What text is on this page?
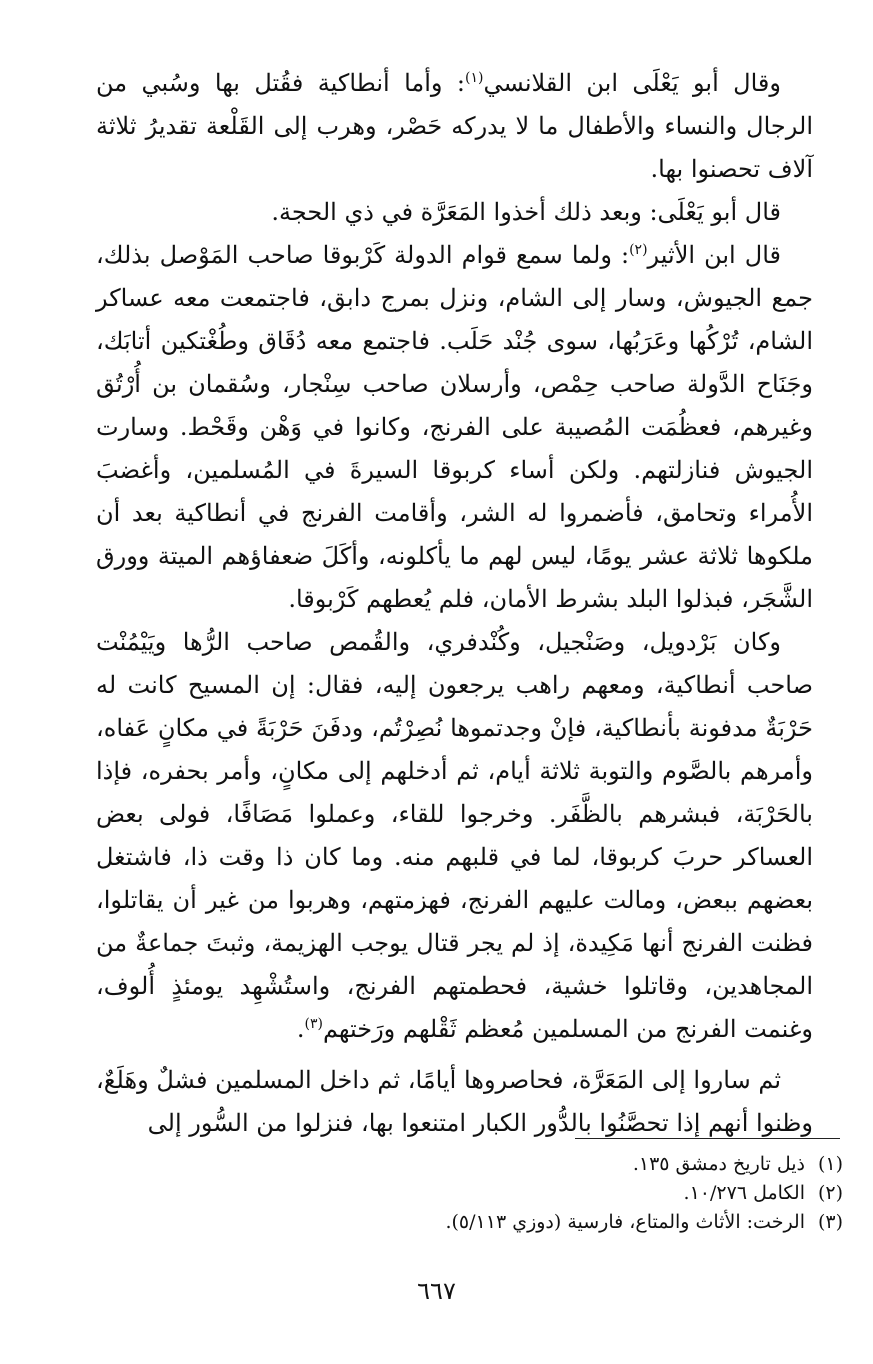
وقال أبو يَعْلَى ابن القلانسي$^{(١)}$: وأما أنطاكية فقُتل بها وسُبي من الرجال والنساء والأطفال ما لا يدركه حَصْر، وهرب إلى القَلْعة تقديرُ ثلاثة آلاف تحصنوا بها.

قال أبو يَعْلَى: وبعد ذلك أخذوا المَعَرَّة في ذي الحجة.

قال ابن الأثير$^{(٢)}$: ولما سمع قوام الدولة كَرْبوقا صاحب المَوْصل بذلك، جمع الجيوش، وسار إلى الشام، ونزل بمرج دابق، فاجتمعت معه عساكر الشام، تُرْكُها وعَرَبُها، سوى جُنْد حَلَب. فاجتمع معه دُقَاق وطُغْتكين أتابَك، وجَنَاح الدَّولة صاحب حِمْص، وأرسلان صاحب سِنْجار، وسُقمان بن أُرْتُق وغيرهم، فعظُمَت المُصيبة على الفرنج، وكانوا في وَهْن وقَحْط. وسارت الجيوش فنازلتهم. ولكن أساء كربوقا السيرةَ في المُسلمين، وأغضبَ الأُمراء وتحامق، فأضمروا له الشر، وأقامت الفرنج في أنطاكية بعد أن ملكوها ثلاثة عشر يومًا، ليس لهم ما يأكلونه، وأكَلَ ضعفاؤهم الميتة وورق الشَّجَر، فبذلوا البلد بشرط الأمان، فلم يُعطهم كَرْبوقا.

وكان بَرْدويل، وصَنْجيل، وكُنْدفري، والقُمص صاحب الرُّها ويَيْمُنْت صاحب أنطاكية، ومعهم راهب يرجعون إليه، فقال: إن المسيح كانت له حَرْبَةٌ مدفونة بأنطاكية، فإنْ وجدتموها نُصِرْتُم، ودفَنَ حَرْبَةً في مكانٍ عَفاه، وأمرهم بالصَّوم والتوبة ثلاثة أيام، ثم أدخلهم إلى مكانٍ، وأمر بحفره، فإذا بالحَرْبَة، فبشرهم بالظَّفَر. وخرجوا للقاء، وعملوا مَصَافًا، فولى بعض العساكر حربَ كربوقا، لما في قلبهم منه. وما كان ذا وقت ذا، فاشتغل بعضهم ببعض، ومالت عليهم الفرنج، فهزمتهم، وهربوا من غير أن يقاتلوا، فظنت الفرنج أنها مَكِيدة، إذ لم يجر قتال يوجب الهزيمة، وثبتَ جماعةٌ من المجاهدين، وقاتلوا خشية، فحطمتهم الفرنج، واستُشْهِد يومئذٍ أُلوف، وغنمت الفرنج من المسلمين مُعظم ثَقْلهم ورَختهم$^{(٣)}$.

ثم ساروا إلى المَعَرَّة، فحاصروها أيامًا، ثم داخل المسلمين فشلٌ وهَلَعٌ، وظنوا أنهم إذا تحصَّنُوا بالدُّور الكبار امتنعوا بها، فنزلوا من السُّور إلى

(١)
ذيل تاريخ دمشق ١٣٥.
(٢)
الكامل ١٠/٢٧٦.
(٣)
الرخت: الأثاث والمتاع، فارسية (دوزي ٥/١١٣).
٦٦٧
